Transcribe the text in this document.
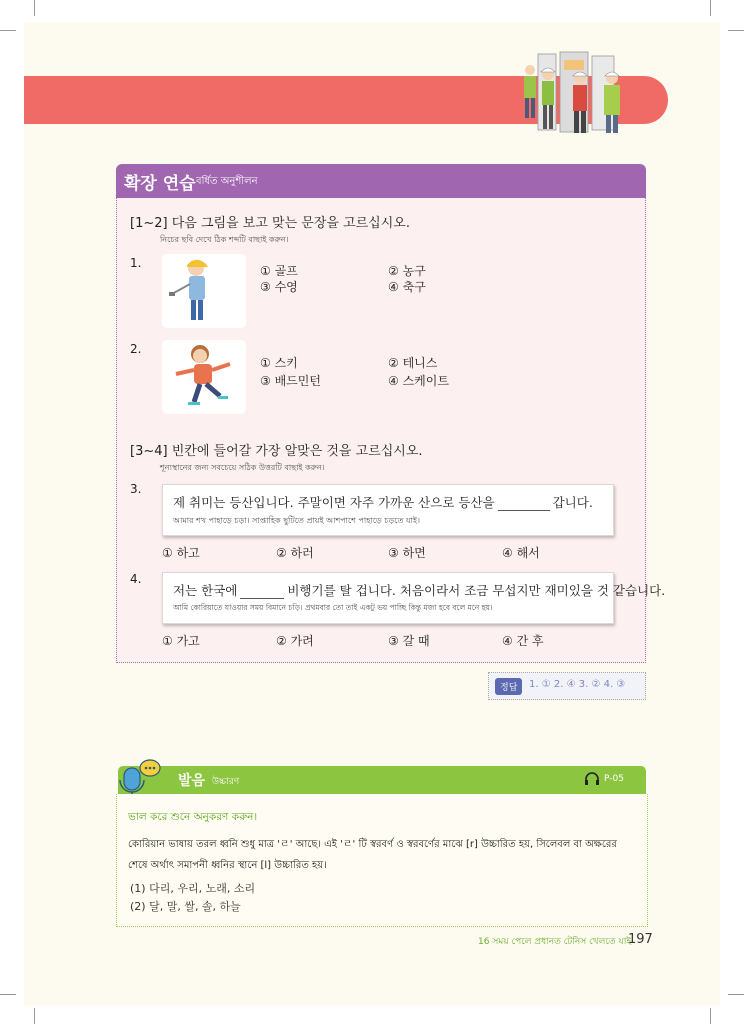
확장 연습 বর্ধিত অনুশীলন
[1~2] 다음 그림을 보고 맞는 문장을 고르십시오.
নিচের ছবি দেখে ঠিক শব্দটি বাছাই করুন।
1.
① 골프	② 농구
③ 수영	④ 축구
2.
① 스키	② 테니스
③ 배드민턴	④ 스케이트
[3~4] 빈칸에 들어갈 가장 알맞은 것을 고르십시오.
শূন্যস্থানের জন্য সবচেয়ে সঠিক উত্তরটি বাছাই করুন।
3.
제 취미는 등산입니다. 주말이면 자주 가까운 산으로 등산을	갑니다.
আমার শখ পাহাড়ে চড়া। সাপ্তাহিক ছুটিতে প্রায়ই আশপাশে পাহাড়ে চড়তে যাই।
① 하고	② 하러	③ 하면	④ 해서
4.
저는 한국에	비행기를 탈 겁니다. 처음이라서 조금 무섭지만 재미있을 것 같습니다.
আমি কোরিয়াতে যাওয়ার সময় বিমানে চড়ি। প্রথমবার তো তাই একটু ভয় পাচ্ছি কিন্তু মজা হবে বলে মনে হয়।
① 가고	② 가려	③ 갈 때	④ 간 후
정답	1. ① 2. ④ 3. ② 4. ③
발음 উচ্চারণ	P-05
ভাল করে শুনে অনুকরণ করুন।
কোরিয়ান ভাষায় তরল ধ্বনি শুধু মাত্র 'ㄹ' আছে। এই 'ㄹ' টি স্বরবর্ণ ও স্বরবর্ণের মাঝে [r] উচ্চারিত হয়, সিলেবল বা অক্ষরের শেষে অর্থাৎ সমাপনী ধ্বনির স্থানে [l] উচ্চারিত হয়।
(1) 다리, 우리, 노래, 소리
(2) 달, 말, 쌀, 솔, 하늘
16 সময় পেলে প্রধানত টেনিস খেলতে যাই
197
